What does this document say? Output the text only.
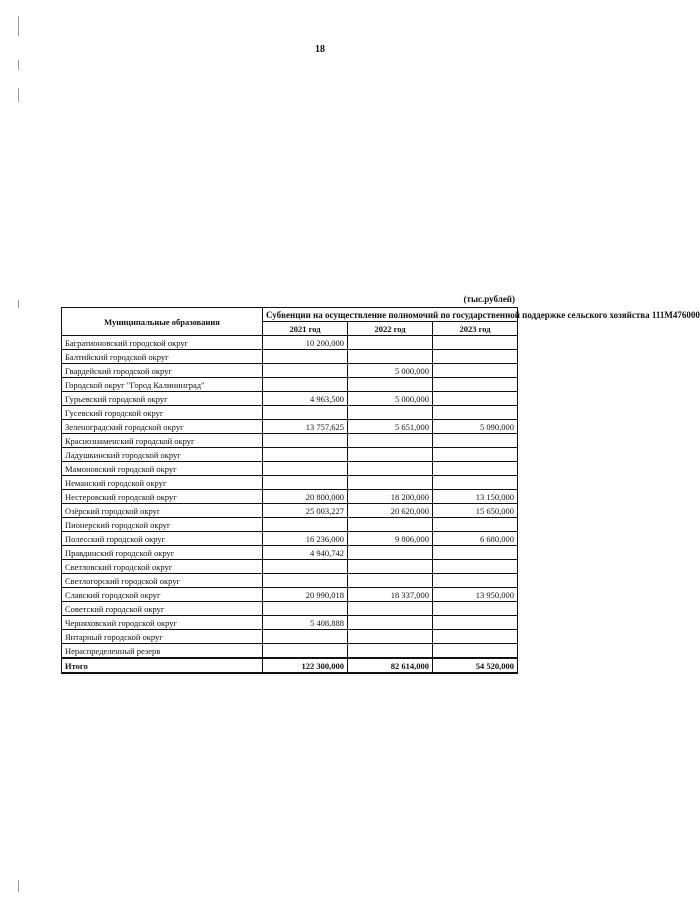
18
(тыс.рублей)
Муниципальные образования	Субвенции на осуществление полномочий по государственной поддержке сельского хозяйства 111М476000		
	2021 год	2022 год	2023 год
Багратионовский городской округ	10 200,000		
Балтийский городской округ			
Гвардейский городской округ		5 000,000	
Городской округ "Город Калининград"			
Гурьевский городской округ	4 963,500	5 000,000	
Гусевский городской округ			
Зеленоградский городской округ	13 757,625	5 651,000	5 090,000
Краснознаменский городской округ			
Ладушкинский городской округ			
Мамоновский городской округ			
Неманский городской округ			
Нестеровский городской округ	20 800,000	18 200,000	13 150,000
Озёрский городской округ	25 003,227	20 620,000	15 650,000
Пионерский городской округ			
Полесский городской округ	16 236,000	9 806,000	6 680,000
Правдинский городской округ	4 940,742		
Светловский городской округ			
Светлогорский городской округ			
Славский городской округ	20 990,018	18 337,000	13 950,000
Советский городской округ			
Черняховский городской округ	5 408,888		
Янтарный городской округ			
Нераспределенный резерв			
Итого	122 300,000	82 614,000	54 520,000
